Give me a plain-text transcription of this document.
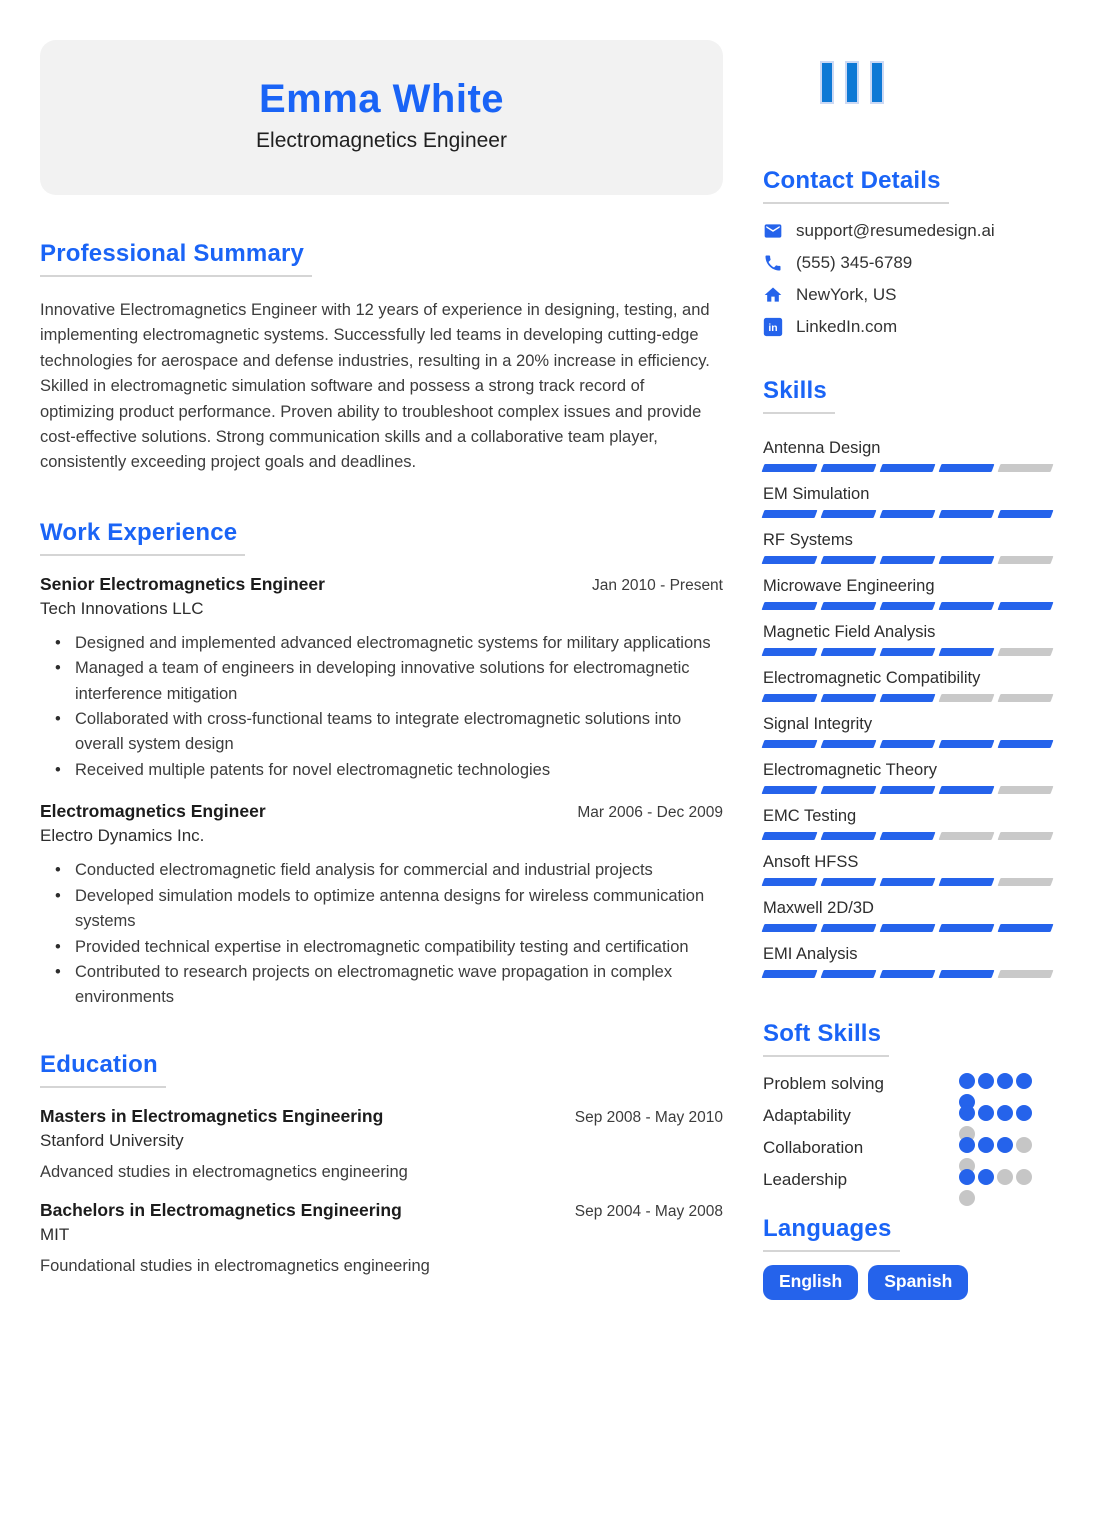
Emma White
Electromagnetics Engineer
Professional Summary

Innovative Electromagnetics Engineer with 12 years of experience in designing, testing, and implementing electromagnetic systems. Successfully led teams in developing cutting-edge technologies for aerospace and defense industries, resulting in a 20% increase in efficiency. Skilled in electromagnetic simulation software and possess a strong track record of optimizing product performance. Proven ability to troubleshoot complex issues and provide cost-effective solutions. Strong communication skills and a collaborative team player, consistently exceeding project goals and deadlines.

Work Experience
Senior Electromagnetics Engineer	Jan 2010 - Present
Tech Innovations LLC
• Designed and implemented advanced electromagnetic systems for military applications
• Managed a team of engineers in developing innovative solutions for electromagnetic interference mitigation
• Collaborated with cross-functional teams to integrate electromagnetic solutions into overall system design
• Received multiple patents for novel electromagnetic technologies
Electromagnetics Engineer	Mar 2006 - Dec 2009
Electro Dynamics Inc.
• Conducted electromagnetic field analysis for commercial and industrial projects
• Developed simulation models to optimize antenna designs for wireless communication systems
• Provided technical expertise in electromagnetic compatibility testing and certification
• Contributed to research projects on electromagnetic wave propagation in complex environments
Education
Masters in Electromagnetics Engineering	Sep 2008 - May 2010
Stanford University
Advanced studies in electromagnetics engineering
Bachelors in Electromagnetics Engineering	Sep 2004 - May 2008
MIT
Foundational studies in electromagnetics engineering
Contact Details
support@resumedesign.ai
(555) 345-6789
NewYork, US
in LinkedIn.com
Skills
Antenna Design
EM Simulation
RF Systems
Microwave Engineering
Magnetic Field Analysis
Electromagnetic Compatibility
Signal Integrity
Electromagnetic Theory
EMC Testing
Ansoft HFSS
Maxwell 2D/3D
EMI Analysis
Soft Skills
Problem solving
Adaptability
Collaboration
Leadership
Languages
English	Spanish
